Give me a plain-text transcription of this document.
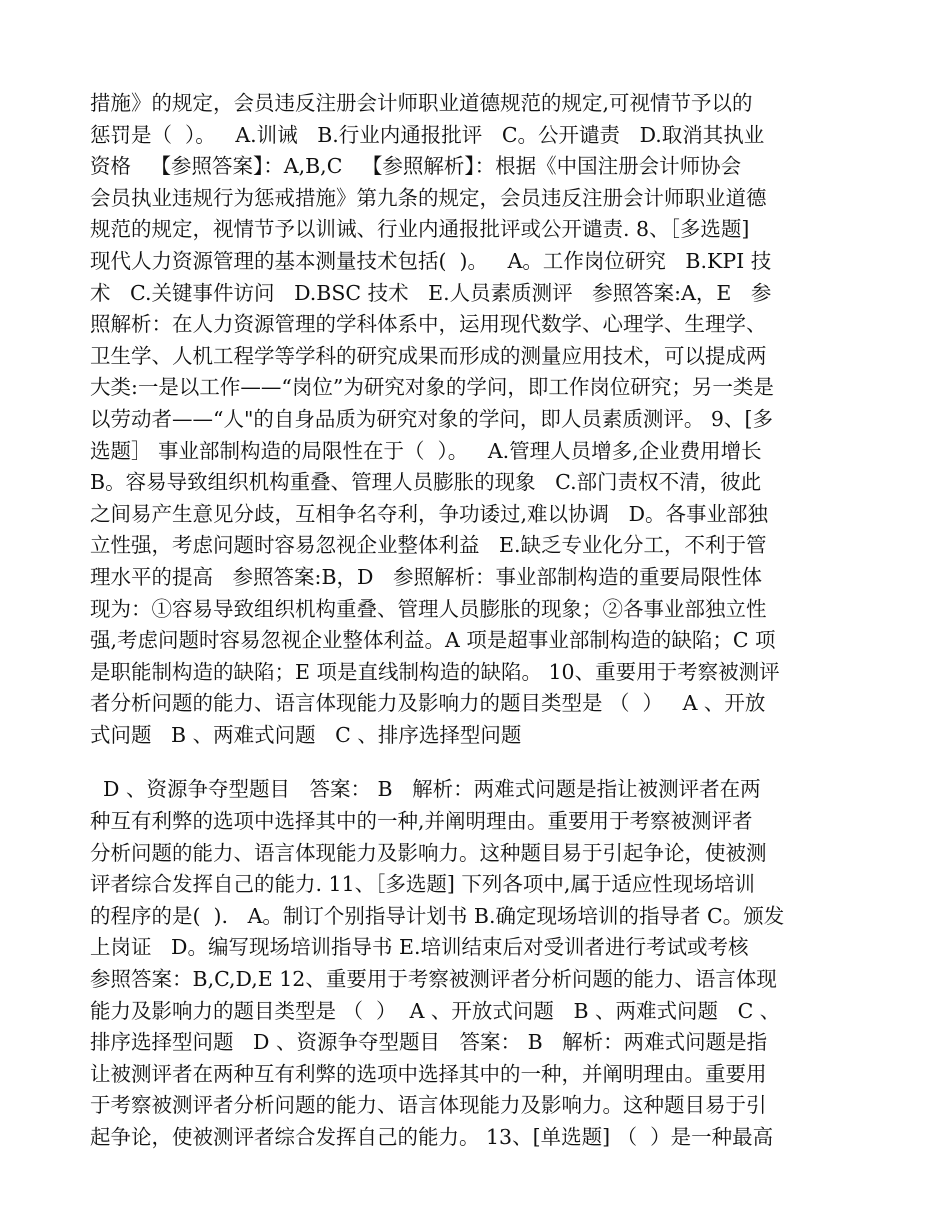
措施》的规定，会员违反注册会计师职业道德规范的规定,可视情节予以的
惩罚是（  ）。   A.训诫   B.行业内通报批评   C。公开谴责   D.取消其执业
资格   【参照答案】：A,B,C   【参照解析】：根据《中国注册会计师协会
会员执业违规行为惩戒措施》第九条的规定，会员违反注册会计师职业道德
规范的规定，视情节予以训诫、行业内通报批评或公开谴责. 8、［多选题]
现代人力资源管理的基本测量技术包括(  )。   A。工作岗位研究   B.KPI 技
术   C.关键事件访问   D.BSC 技术   E.人员素质测评   参照答案:A，E   参
照解析：在人力资源管理的学科体系中，运用现代数学、心理学、生理学、
卫生学、人机工程学等学科的研究成果而形成的测量应用技术，可以提成两
大类:一是以工作——“岗位”为研究对象的学问，即工作岗位研究；另一类是
以劳动者——“人"的自身品质为研究对象的学问，即人员素质测评。 9、[多
选题］ 事业部制构造的局限性在于（  ）。   A.管理人员增多,企业费用增长
B。容易导致组织机构重叠、管理人员膨胀的现象   C.部门责权不清，彼此
之间易产生意见分歧，互相争名夺利，争功诿过,难以协调   D。各事业部独
立性强，考虑问题时容易忽视企业整体利益   E.缺乏专业化分工，不利于管
理水平的提高   参照答案:B，D   参照解析：事业部制构造的重要局限性体
现为：①容易导致组织机构重叠、管理人员膨胀的现象；②各事业部独立性
强,考虑问题时容易忽视企业整体利益。A 项是超事业部制构造的缺陷；C 项
是职能制构造的缺陷；E 项是直线制构造的缺陷。 10、重要用于考察被测评
者分析问题的能力、语言体现能力及影响力的题目类型是 （  ）   A 、开放
式问题   B 、两难式问题   C 、排序选择型问题
D 、资源争夺型题目   答案： B   解析：两难式问题是指让被测评者在两
种互有利弊的选项中选择其中的一种,并阐明理由。重要用于考察被测评者
分析问题的能力、语言体现能力及影响力。这种题目易于引起争论，使被测
评者综合发挥自己的能力. 11、［多选题] 下列各项中,属于适应性现场培训
的程序的是(  ).   A。制订个别指导计划书 B.确定现场培训的指导者 C。颁发
上岗证   D。编写现场培训指导书 E.培训结束后对受训者进行考试或考核
参照答案：B,C,D,E 12、重要用于考察被测评者分析问题的能力、语言体现
能力及影响力的题目类型是 （  ）  A 、开放式问题   B 、两难式问题   C 、
排序选择型问题   D 、资源争夺型题目   答案： B   解析：两难式问题是指
让被测评者在两种互有利弊的选项中选择其中的一种，并阐明理由。重要用
于考察被测评者分析问题的能力、语言体现能力及影响力。这种题目易于引
起争论，使被测评者综合发挥自己的能力。 13、[单选题] （  ）是一种最高
